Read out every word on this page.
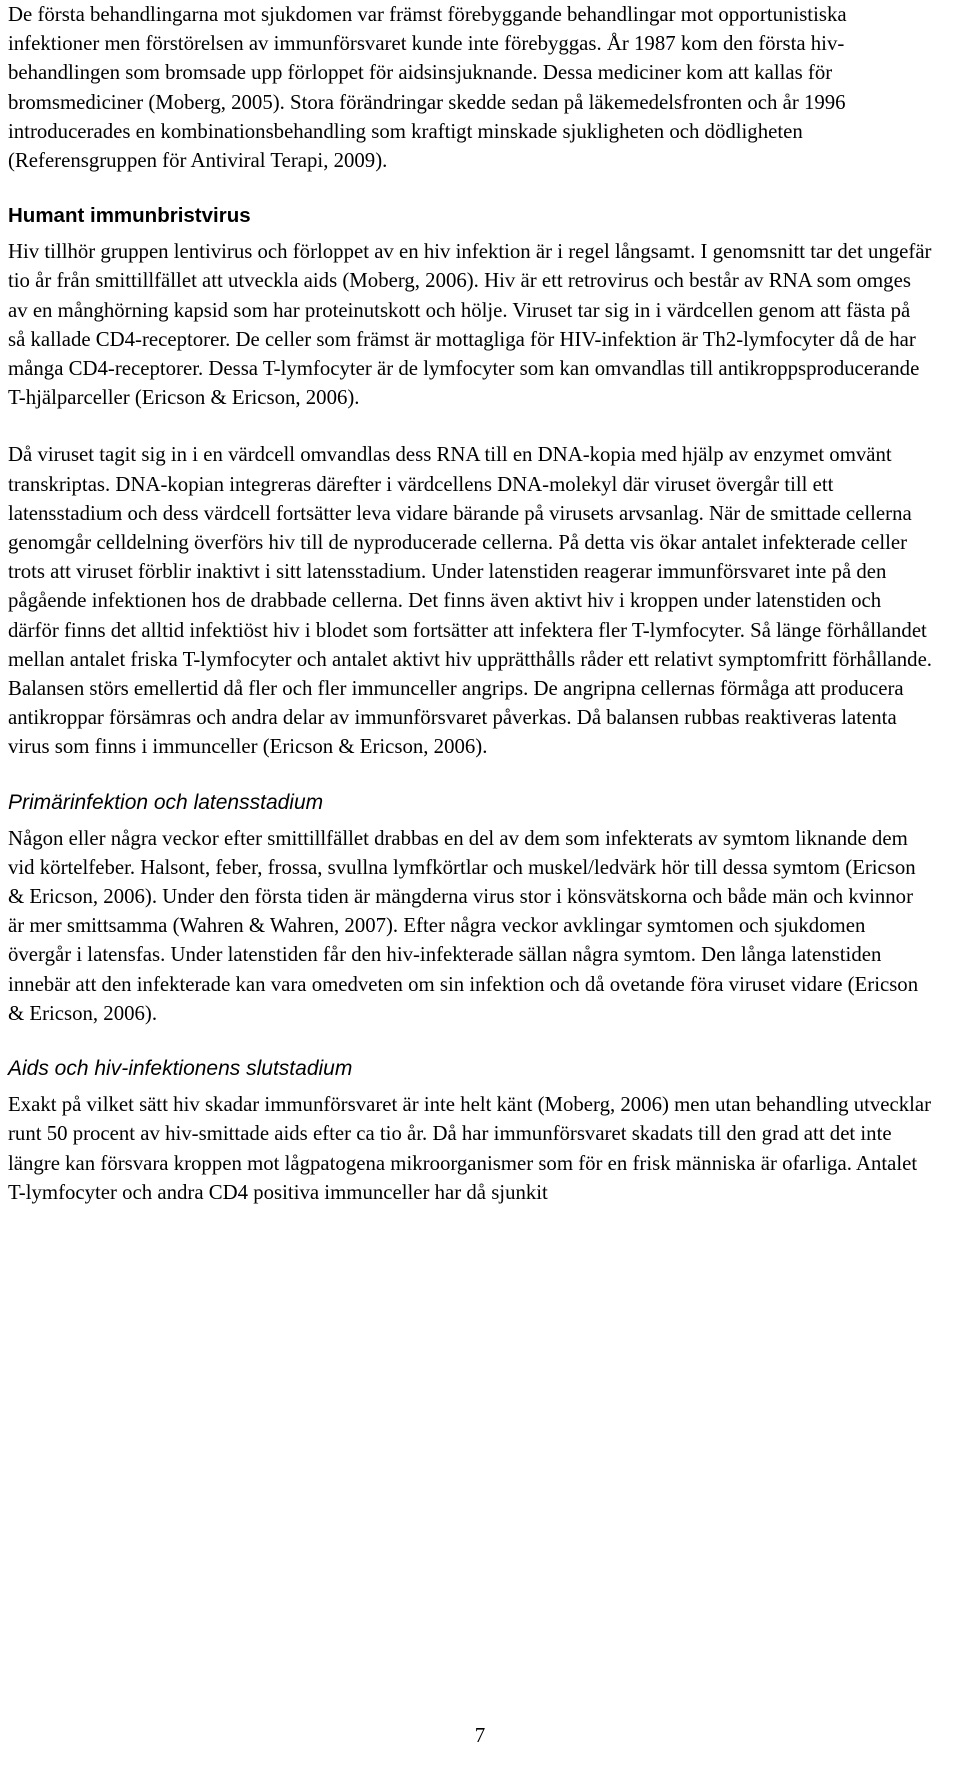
De första behandlingarna mot sjukdomen var främst förebyggande behandlingar mot opportunistiska infektioner men förstörelsen av immunförsvaret kunde inte förebyggas. År 1987 kom den första hiv-behandlingen som bromsade upp förloppet för aidsinsjuknande. Dessa mediciner kom att kallas för bromsmediciner (Moberg, 2005). Stora förändringar skedde sedan på läkemedelsfronten och år 1996 introducerades en kombinationsbehandling som kraftigt minskade sjukligheten och dödligheten (Referensgruppen för Antiviral Terapi, 2009).

Humant immunbristvirus

Hiv tillhör gruppen lentivirus och förloppet av en hiv infektion är i regel långsamt. I genomsnitt tar det ungefär tio år från smittillfället att utveckla aids (Moberg, 2006). Hiv är ett retrovirus och består av RNA som omges av en månghörning kapsid som har proteinutskott och hölje. Viruset tar sig in i värdcellen genom att fästa på så kallade CD4-receptorer. De celler som främst är mottagliga för HIV-infektion är Th2-lymfocyter då de har många CD4-receptorer. Dessa T-lymfocyter är de lymfocyter som kan omvandlas till antikroppsproducerande T-hjälparceller (Ericson & Ericson, 2006).

Då viruset tagit sig in i en värdcell omvandlas dess RNA till en DNA-kopia med hjälp av enzymet omvänt transkriptas. DNA-kopian integreras därefter i värdcellens DNA-molekyl där viruset övergår till ett latensstadium och dess värdcell fortsätter leva vidare bärande på virusets arvsanlag. När de smittade cellerna genomgår celldelning överförs hiv till de nyproducerade cellerna. På detta vis ökar antalet infekterade celler trots att viruset förblir inaktivt i sitt latensstadium. Under latenstiden reagerar immunförsvaret inte på den pågående infektionen hos de drabbade cellerna. Det finns även aktivt hiv i kroppen under latenstiden och därför finns det alltid infektiöst hiv i blodet som fortsätter att infektera fler T-lymfocyter. Så länge förhållandet mellan antalet friska T-lymfocyter och antalet aktivt hiv upprätthålls råder ett relativt symptomfritt förhållande. Balansen störs emellertid då fler och fler immunceller angrips. De angripna cellernas förmåga att producera antikroppar försämras och andra delar av immunförsvaret påverkas. Då balansen rubbas reaktiveras latenta virus som finns i immunceller (Ericson & Ericson, 2006).

Primärinfektion och latensstadium

Någon eller några veckor efter smittillfället drabbas en del av dem som infekterats av symtom liknande dem vid körtelfeber. Halsont, feber, frossa, svullna lymfkörtlar och muskel/ledvärk hör till dessa symtom (Ericson & Ericson, 2006). Under den första tiden är mängderna virus stor i könsvätskorna och både män och kvinnor är mer smittsamma (Wahren & Wahren, 2007). Efter några veckor avklingar symtomen och sjukdomen övergår i latensfas. Under latenstiden får den hiv-infekterade sällan några symtom. Den långa latenstiden innebär att den infekterade kan vara omedveten om sin infektion och då ovetande föra viruset vidare (Ericson & Ericson, 2006).

Aids och hiv-infektionens slutstadium

Exakt på vilket sätt hiv skadar immunförsvaret är inte helt känt (Moberg, 2006) men utan behandling utvecklar runt 50 procent av hiv-smittade aids efter ca tio år. Då har immunförsvaret skadats till den grad att det inte längre kan försvara kroppen mot lågpatogena mikroorganismer som för en frisk människa är ofarliga. Antalet T-lymfocyter och andra CD4 positiva immunceller har då sjunkit

7
